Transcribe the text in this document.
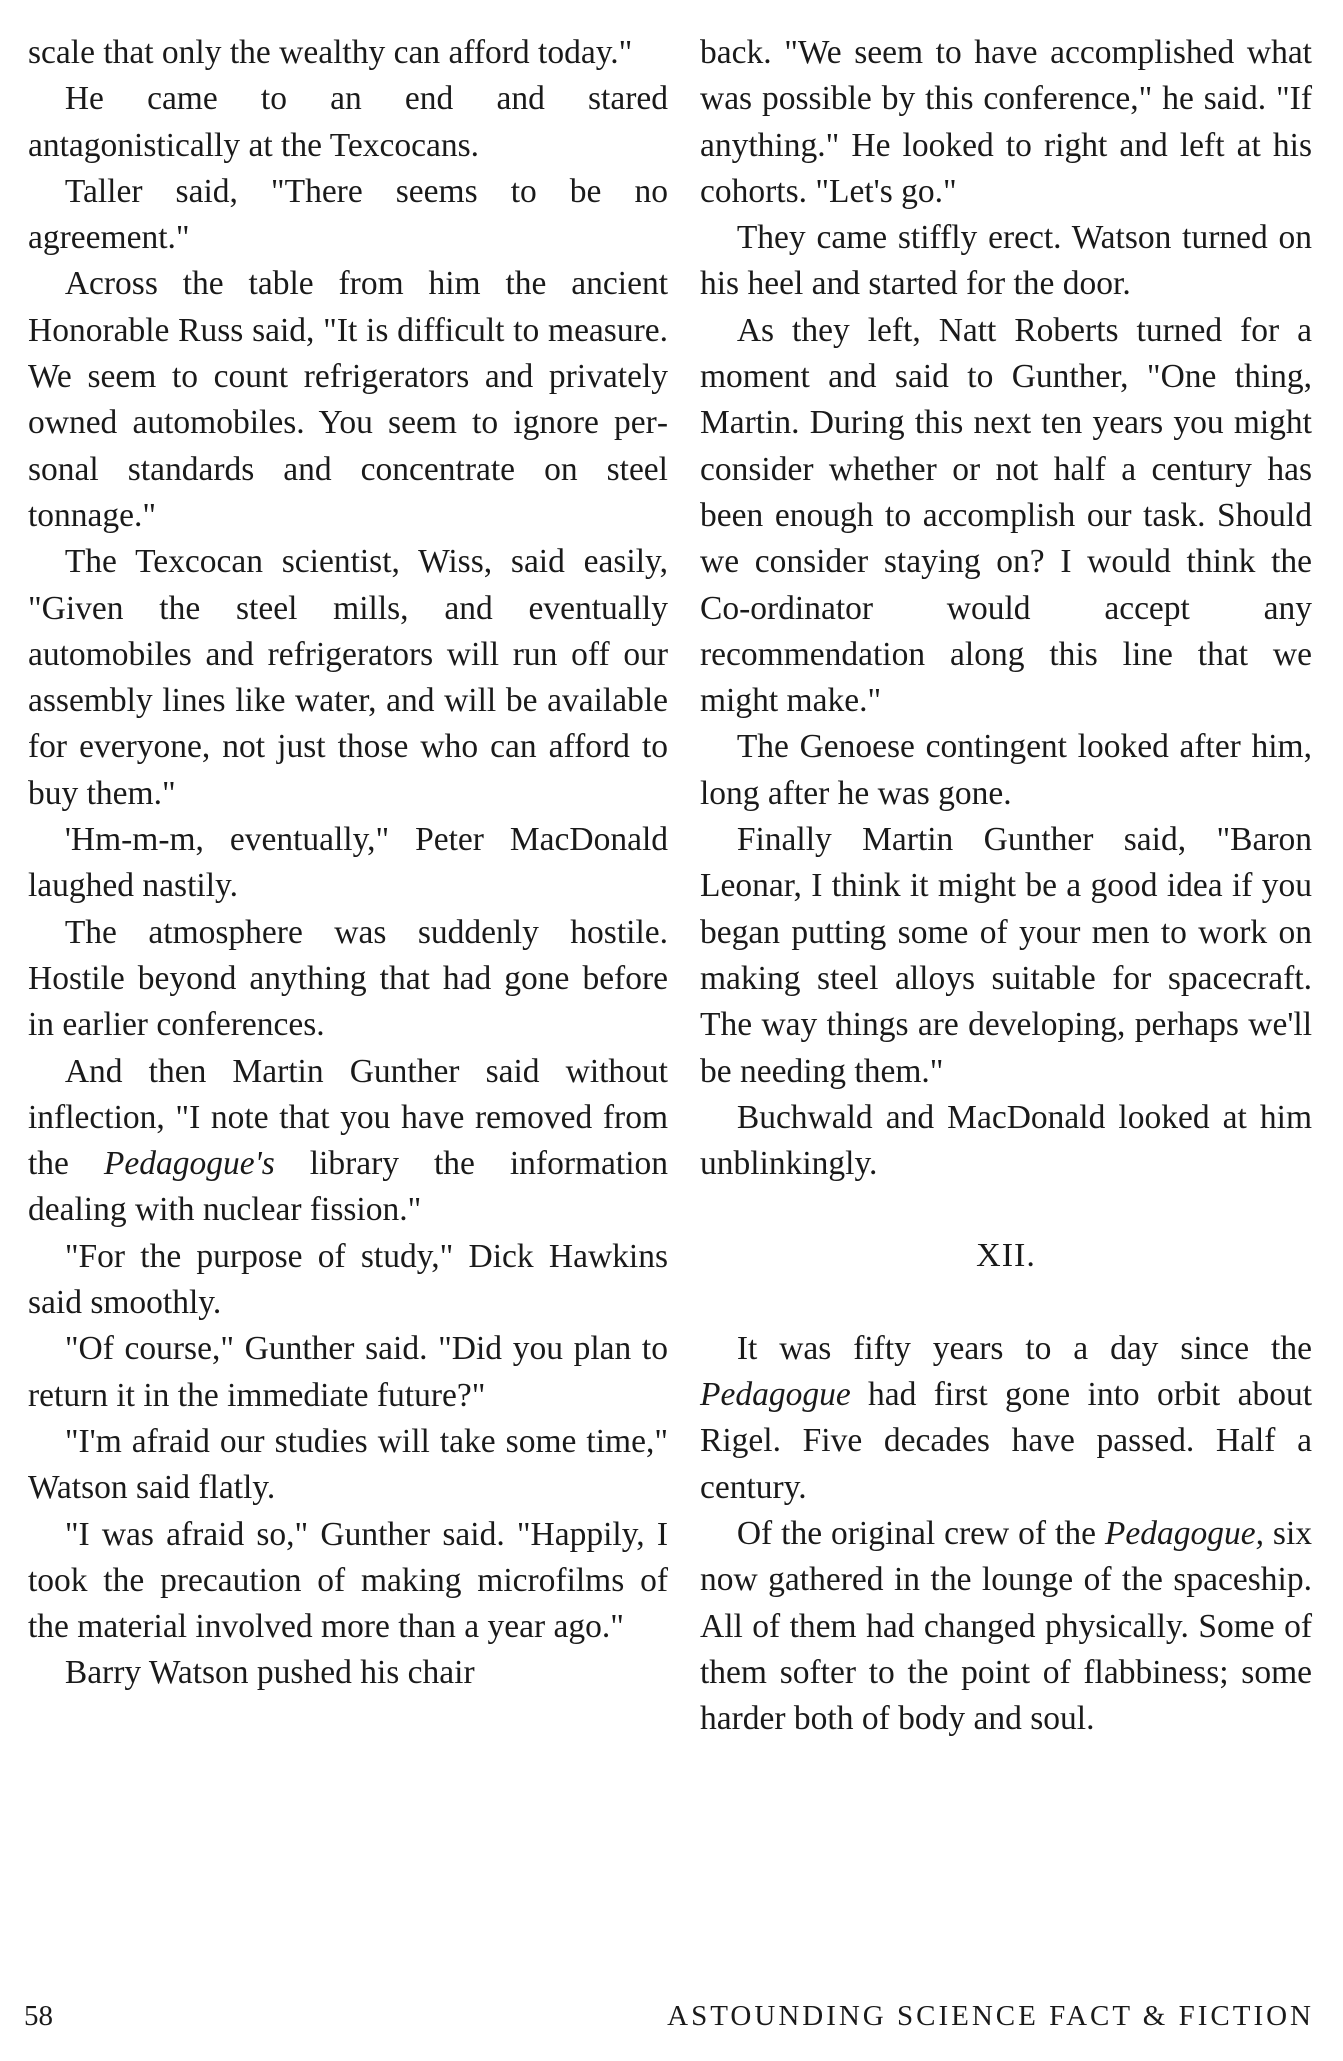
scale that only the wealthy can afford today."

He came to an end and stared antagonistically at the Texcocans.

Taller said, "There seems to be no agreement."

Across the table from him the ancient Honorable Russ said, "It is difficult to measure. We seem to count refrigerators and privately owned automobiles. You seem to ignore personal standards and concentrate on steel tonnage."

The Texcocan scientist, Wiss, said easily, "Given the steel mills, and eventually automobiles and refrigerators will run off our assembly lines like water, and will be available for everyone, not just those who can afford to buy them."

'Hm-m-m, eventually," Peter MacDonald laughed nastily.

The atmosphere was suddenly hostile. Hostile beyond anything that had gone before in earlier conferences.

And then Martin Gunther said without inflection, "I note that you have removed from the Pedagogue's library the information dealing with nuclear fission."

"For the purpose of study," Dick Hawkins said smoothly.

"Of course," Gunther said. "Did you plan to return it in the immediate future?"

"I'm afraid our studies will take some time," Watson said flatly.

"I was afraid so," Gunther said. "Happily, I took the precaution of making microfilms of the material involved more than a year ago."

Barry Watson pushed his chair

back. "We seem to have accomplished what was possible by this conference," he said. "If anything." He looked to right and left at his cohorts. "Let's go."

They came stiffly erect. Watson turned on his heel and started for the door.

As they left, Natt Roberts turned for a moment and said to Gunther, "One thing, Martin. During this next ten years you might consider whether or not half a century has been enough to accomplish our task. Should we consider staying on? I would think the Co-ordinator would accept any recommendation along this line that we might make."

The Genoese contingent looked after him, long after he was gone.

Finally Martin Gunther said, "Baron Leonar, I think it might be a good idea if you began putting some of your men to work on making steel alloys suitable for spacecraft. The way things are developing, perhaps we'll be needing them."

Buchwald and MacDonald looked at him unblinkingly.

XII.

It was fifty years to a day since the Pedagogue had first gone into orbit about Rigel. Five decades have passed. Half a century.

Of the original crew of the Pedagogue, six now gathered in the lounge of the spaceship. All of them had changed physically. Some of them softer to the point of flabbiness; some harder both of body and soul.

58	ASTOUNDING SCIENCE FACT & FICTION
